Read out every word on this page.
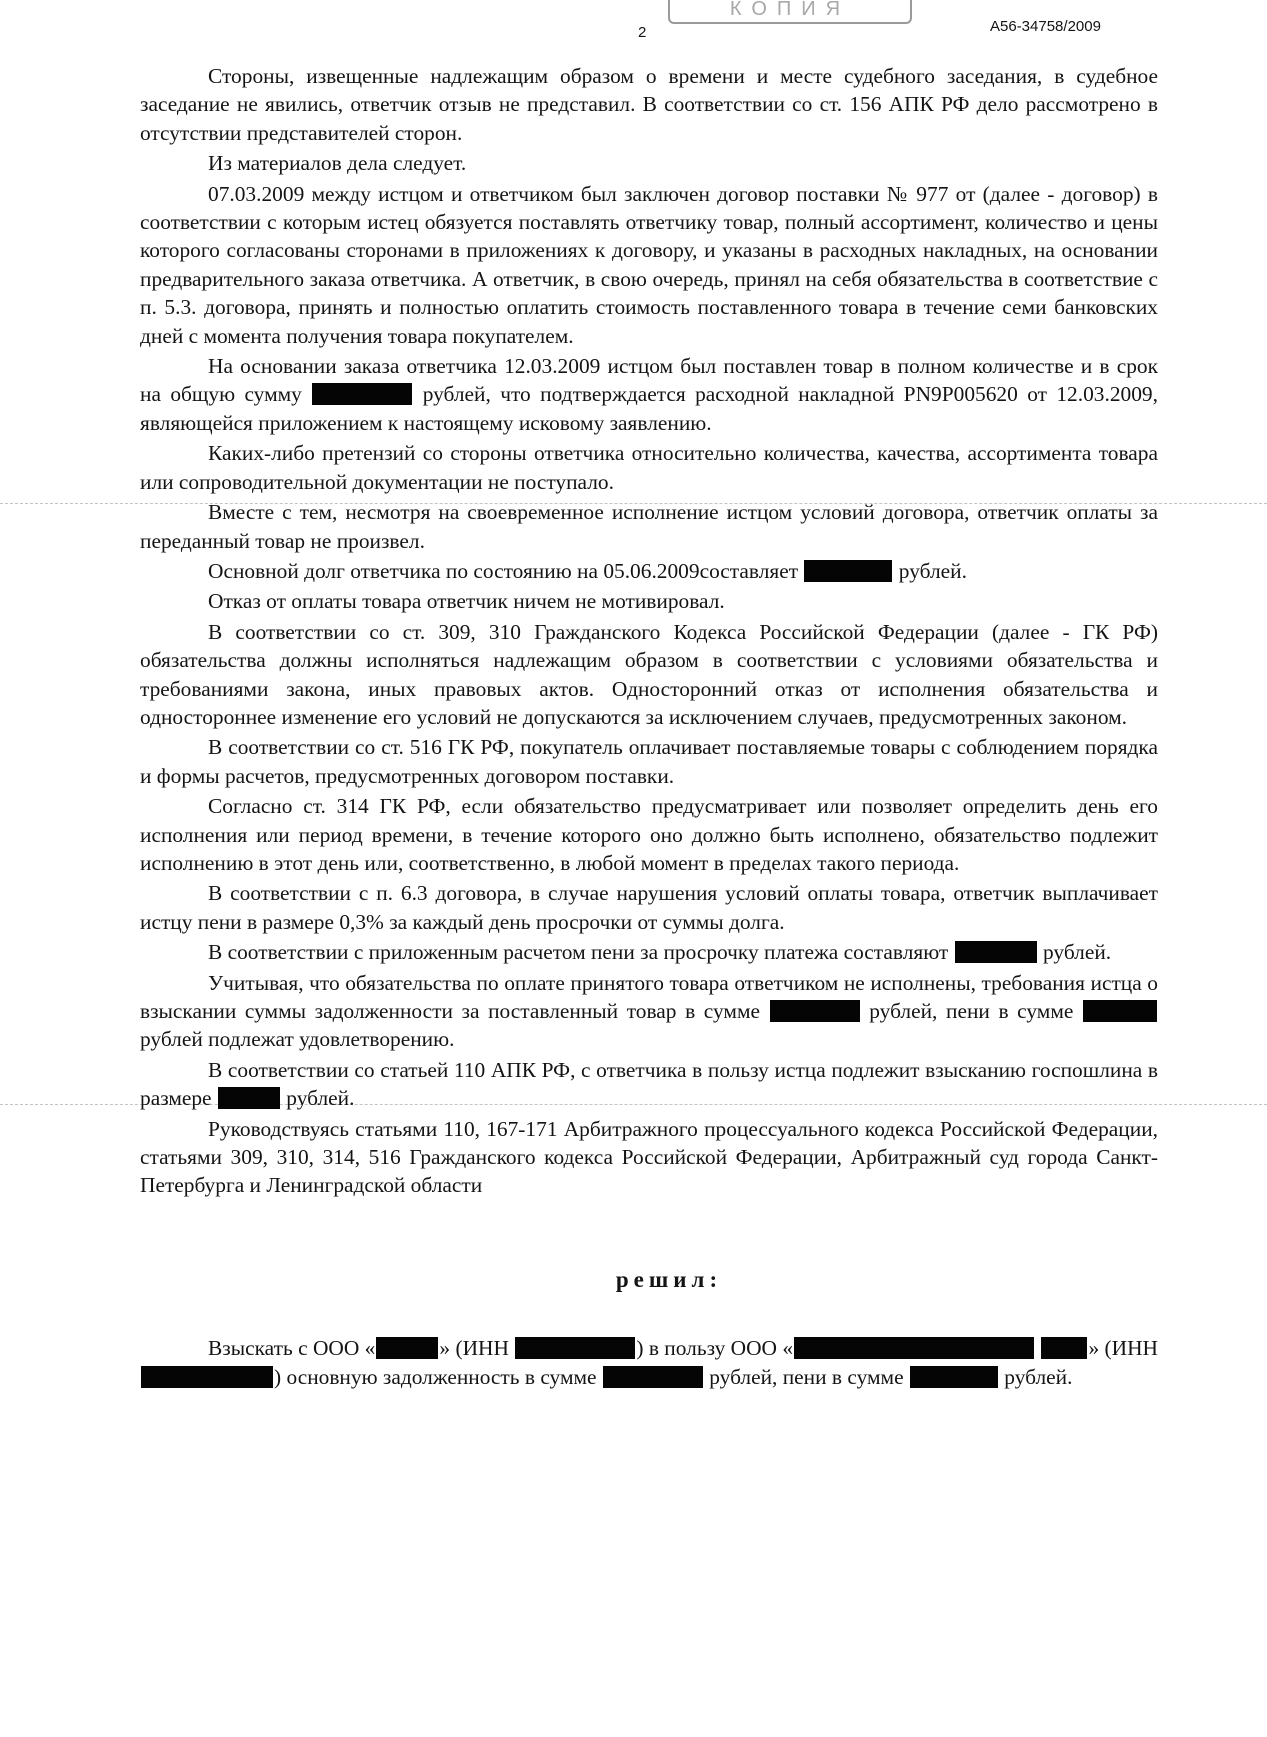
КОПИЯ
2	А56-34758/2009

Стороны, извещенные надлежащим образом о времени и месте судебного заседания, в судебное заседание не явились, ответчик отзыв не представил. В соответствии со ст. 156 АПК РФ дело рассмотрено в отсутствии представителей сторон.

Из материалов дела следует.

07.03.2009 между истцом и ответчиком был заключен договор поставки № 977 от (далее - договор) в соответствии с которым истец обязуется поставлять ответчику товар, полный ассортимент, количество и цены которого согласованы сторонами в приложениях к договору, и указаны в расходных накладных, на основании предварительного заказа ответчика. А ответчик, в свою очередь, принял на себя обязательства в соответствие с п. 5.3. договора, принять и полностью оплатить стоимость поставленного товара в течение семи банковских дней с момента получения товара покупателем.

На основании заказа ответчика 12.03.2009 истцом был поставлен товар в полном количестве и в срок на общую сумму	рублей, что подтверждается расходной накладной PN9P005620 от 12.03.2009, являющейся приложением к настоящему исковому заявлению.

Каких-либо претензий со стороны ответчика относительно количества, качества, ассортимента товара или сопроводительной документации не поступало.

Вместе с тем, несмотря на своевременное исполнение истцом условий договора, ответчик оплаты за переданный товар не произвел.

Основной долг ответчика по состоянию на 05.06.2009составляет	рублей.

Отказ от оплаты товара ответчик ничем не мотивировал.

В соответствии со ст. 309, 310 Гражданского Кодекса Российской Федерации (далее - ГК РФ) обязательства должны исполняться надлежащим образом в соответствии с условиями обязательства и требованиями закона, иных правовых актов. Односторонний отказ от исполнения обязательства и одностороннее изменение его условий не допускаются за исключением случаев, предусмотренных законом.

В соответствии со ст. 516 ГК РФ, покупатель оплачивает поставляемые товары с соблюдением порядка и формы расчетов, предусмотренных договором поставки.

Согласно ст. 314 ГК РФ, если обязательство предусматривает или позволяет определить день его исполнения или период времени, в течение которого оно должно быть исполнено, обязательство подлежит исполнению в этот день или, соответственно, в любой момент в пределах такого периода.

В соответствии с п. 6.3 договора, в случае нарушения условий оплаты товара, ответчик выплачивает истцу пени в размере 0,3% за каждый день просрочки от суммы долга.

В соответствии с приложенным расчетом пени за просрочку платежа составляют	рублей.

Учитывая, что обязательства по оплате принятого товара ответчиком не исполнены, требования истца о взыскании суммы задолженности за поставленный товар в сумме	рублей, пени в сумме  рублей подлежат удовлетворению.

В соответствии со статьей 110 АПК РФ, с ответчика в пользу истца подлежит взысканию госпошлина в размере	рублей.

Руководствуясь статьями 110, 167-171 Арбитражного процессуального кодекса Российской Федерации, статьями 309, 310, 314, 516 Гражданского кодекса Российской Федерации, Арбитражный суд города Санкт-Петербурга и Ленинградской области

решил:

Взыскать с ООО «	» (ИНН	) в пользу ООО «	» (ИНН ) основную задолженность в сумме	рублей, пени в сумме	рублей.
